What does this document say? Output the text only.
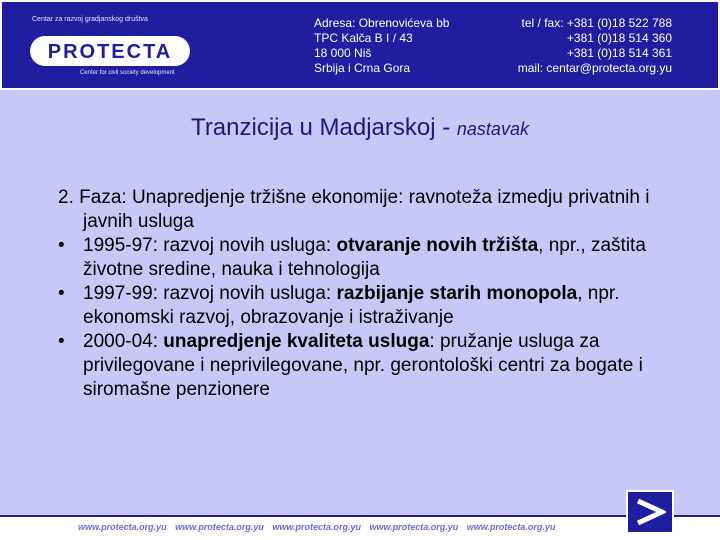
Centar za razvoj gradjanskog društva
PROTECTA
Center for civil society development
Adresa: Obrenovićeva bb
TPC Kalča B I / 43
18 000 Niš
Srbija i Crna Gora
tel / fax: +381 (0)18 522 788
+381 (0)18 514 360
+381 (0)18 514 361
mail: centar@protecta.org.yu
Tranzicija u Madjarskoj - nastavak

2. Faza: Unapredjenje tržišne ekonomije: ravnoteža izmedju privatnih i javnih usluga

• 1995-97: razvoj novih usluga: otvaranje novih tržišta, npr., zaštita životne sredine, nauka i tehnologija
• 1997-99: razvoj novih usluga: razbijanje starih monopola, npr. ekonomski razvoj, obrazovanje i istraživanje
• 2000-04: unapredjenje kvaliteta usluga: pružanje usluga za privilegovane i neprivilegovane, npr. gerontološki centri za bogate i siromašne penzionere
www.protecta.org.yu www.protecta.org.yu www.protecta.org.yu www.protecta.org.yu www.protecta.org.yu
